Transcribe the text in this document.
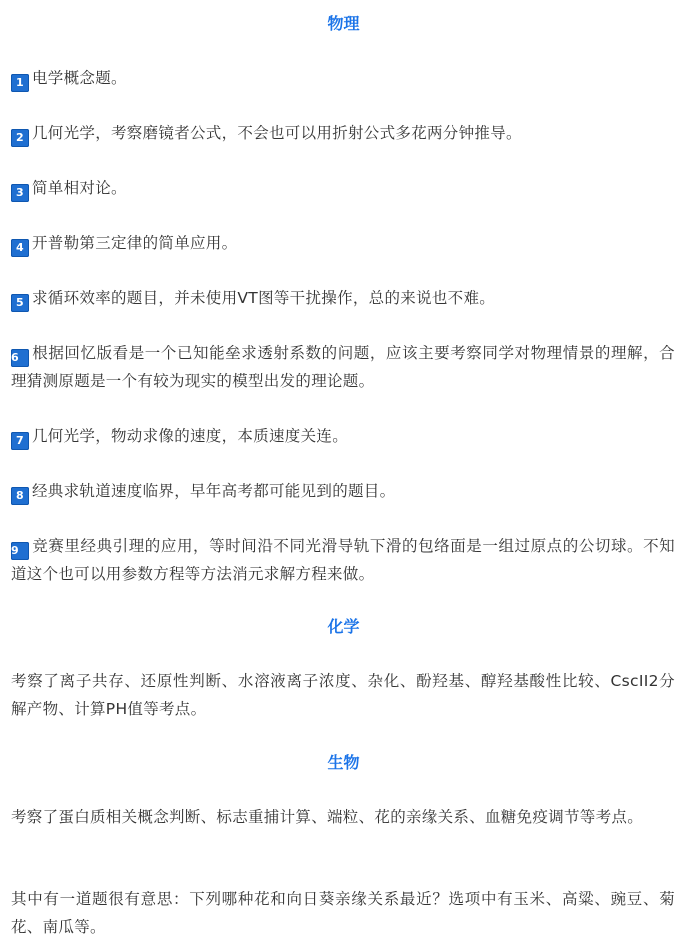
物理
1 电学概念题。
2 几何光学，考察磨镜者公式，不会也可以用折射公式多花两分钟推导。
3 简单相对论。
4 开普勒第三定律的简单应用。
5 求循环效率的题目，并未使用VT图等干扰操作，总的来说也不难。
6 根据回忆版看是一个已知能垒求透射系数的问题，应该主要考察同学对物理情景的理解，合理猜测原题是一个有较为现实的模型出发的理论题。
7 几何光学，物动求像的速度，本质速度关连。
8 经典求轨道速度临界，早年高考都可能见到的题目。
9 竞赛里经典引理的应用，等时间沿不同光滑导轨下滑的包络面是一组过原点的公切球。不知道这个也可以用参数方程等方法消元求解方程来做。
化学
考察了离子共存、还原性判断、水溶液离子浓度、杂化、酚羟基、醇羟基酸性比较、CscII2分解产物、计算PH值等考点。
生物
考察了蛋白质相关概念判断、标志重捕计算、端粒、花的亲缘关系、血糖免疫调节等考点。
其中有一道题很有意思：下列哪种花和向日葵亲缘关系最近？选项中有玉米、高粱、豌豆、菊花、南瓜等。
